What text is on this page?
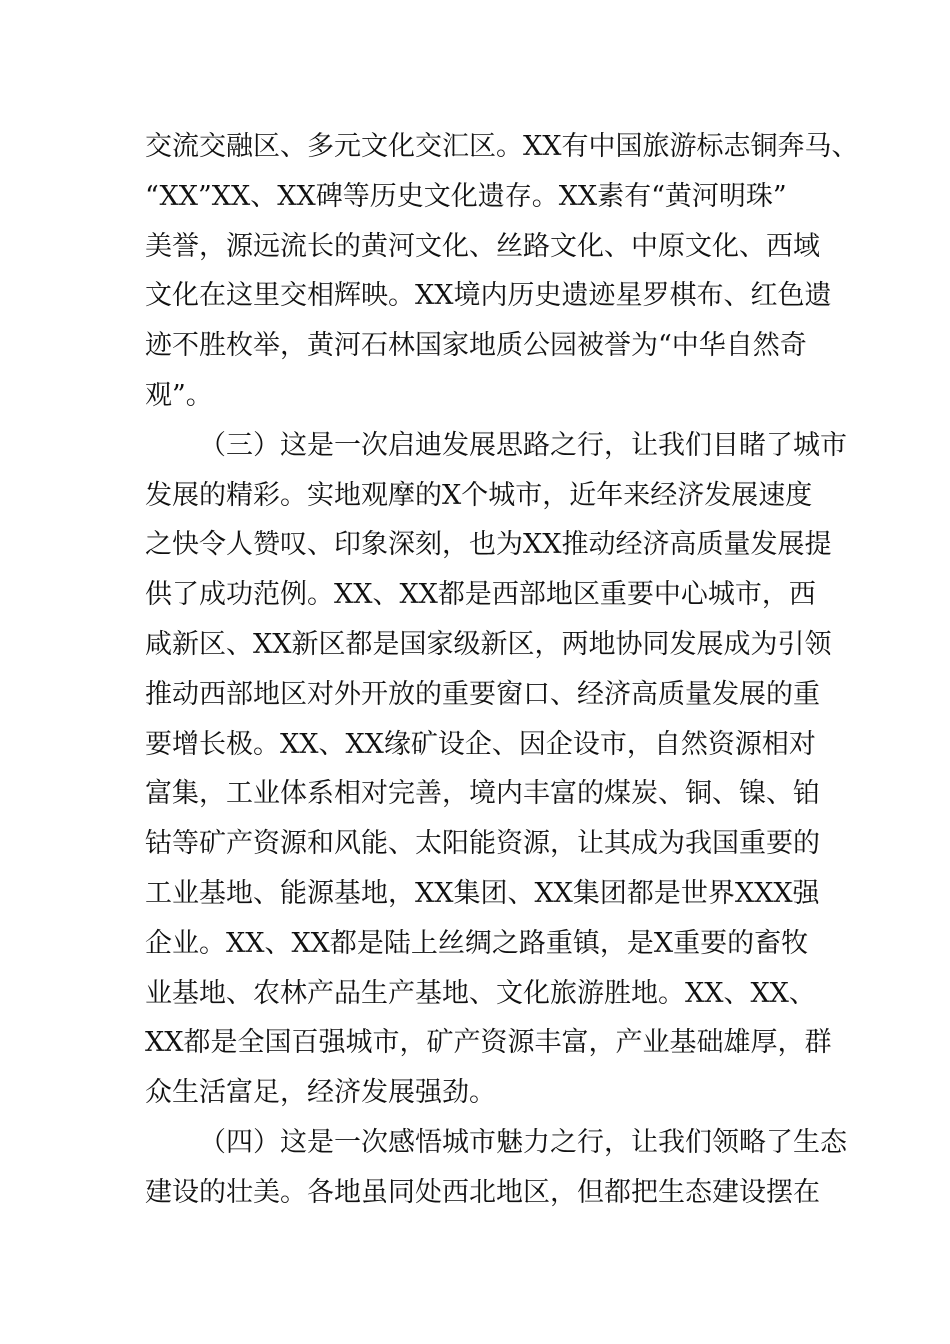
交流交融区、多元文化交汇区。XX有中国旅游标志铜奔马、
“XX”XX、XX碑等历史文化遗存。XX素有“黄河明珠”
美誉，源远流长的黄河文化、丝路文化、中原文化、西域
文化在这里交相辉映。XX境内历史遗迹星罗棋布、红色遗
迹不胜枚举，黄河石林国家地质公园被誉为“中华自然奇
观”。
（三）这是一次启迪发展思路之行，让我们目睹了城市
发展的精彩。实地观摩的X个城市，近年来经济发展速度
之快令人赞叹、印象深刻，也为XX推动经济高质量发展提
供了成功范例。XX、XX都是西部地区重要中心城市，西
咸新区、XX新区都是国家级新区，两地协同发展成为引领
推动西部地区对外开放的重要窗口、经济高质量发展的重
要增长极。XX、XX缘矿设企、因企设市，自然资源相对
富集，工业体系相对完善，境内丰富的煤炭、铜、镍、铂
钴等矿产资源和风能、太阳能资源，让其成为我国重要的
工业基地、能源基地，XX集团、XX集团都是世界XXX强
企业。XX、XX都是陆上丝绸之路重镇，是X重要的畜牧
业基地、农林产品生产基地、文化旅游胜地。XX、XX、
XX都是全国百强城市，矿产资源丰富，产业基础雄厚，群
众生活富足，经济发展强劲。
（四）这是一次感悟城市魅力之行，让我们领略了生态
建设的壮美。各地虽同处西北地区，但都把生态建设摆在
